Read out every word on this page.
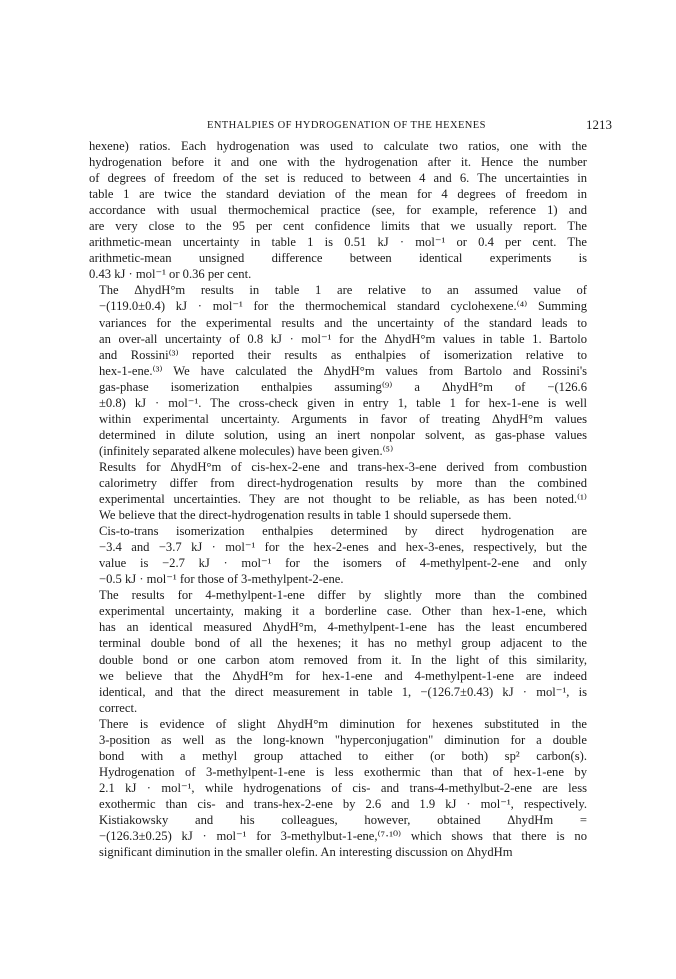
ENTHALPIES OF HYDROGENATION OF THE HEXENES	1213
hexene) ratios. Each hydrogenation was used to calculate two ratios, one with the
hydrogenation before it and one with the hydrogenation after it. Hence the number
of degrees of freedom of the set is reduced to between 4 and 6. The uncertainties in
table 1 are twice the standard deviation of the mean for 4 degrees of freedom in
accordance with usual thermochemical practice (see, for example, reference 1) and
are very close to the 95 per cent confidence limits that we usually report. The
arithmetic-mean uncertainty in table 1 is 0.51 kJ · mol⁻¹ or 0.4 per cent. The
arithmetic-mean unsigned difference between identical experiments is
0.43 kJ · mol⁻¹ or 0.36 per cent.
The ΔhydH°m results in table 1 are relative to an assumed value of
−(119.0±0.4) kJ · mol⁻¹ for the thermochemical standard cyclohexene.⁽⁴⁾ Summing
variances for the experimental results and the uncertainty of the standard leads to
an over-all uncertainty of 0.8 kJ · mol⁻¹ for the ΔhydH°m values in table 1. Bartolo
and Rossini⁽³⁾ reported their results as enthalpies of isomerization relative to
hex-1-ene.⁽³⁾ We have calculated the ΔhydH°m values from Bartolo and Rossini's
gas-phase isomerization enthalpies assuming⁽⁹⁾ a ΔhydH°m of −(126.6
±0.8) kJ · mol⁻¹. The cross-check given in entry 1, table 1 for hex-1-ene is well
within experimental uncertainty. Arguments in favor of treating ΔhydH°m values
determined in dilute solution, using an inert nonpolar solvent, as gas-phase values
(infinitely separated alkene molecules) have been given.⁽⁵⁾
Results for ΔhydH°m of cis-hex-2-ene and trans-hex-3-ene derived from combustion
calorimetry differ from direct-hydrogenation results by more than the combined
experimental uncertainties. They are not thought to be reliable, as has been noted.⁽¹⁾
We believe that the direct-hydrogenation results in table 1 should supersede them.
Cis-to-trans isomerization enthalpies determined by direct hydrogenation are
−3.4 and −3.7 kJ · mol⁻¹ for the hex-2-enes and hex-3-enes, respectively, but the
value is −2.7 kJ · mol⁻¹ for the isomers of 4-methylpent-2-ene and only
−0.5 kJ · mol⁻¹ for those of 3-methylpent-2-ene.
The results for 4-methylpent-1-ene differ by slightly more than the combined
experimental uncertainty, making it a borderline case. Other than hex-1-ene, which
has an identical measured ΔhydH°m, 4-methylpent-1-ene has the least encumbered
terminal double bond of all the hexenes; it has no methyl group adjacent to the
double bond or one carbon atom removed from it. In the light of this similarity,
we believe that the ΔhydH°m for hex-1-ene and 4-methylpent-1-ene are indeed
identical, and that the direct measurement in table 1, −(126.7±0.43) kJ · mol⁻¹, is
correct.
There is evidence of slight ΔhydH°m diminution for hexenes substituted in the
3-position as well as the long-known "hyperconjugation" diminution for a double
bond with a methyl group attached to either (or both) sp² carbon(s).
Hydrogenation of 3-methylpent-1-ene is less exothermic than that of hex-1-ene by
2.1 kJ · mol⁻¹, while hydrogenations of cis- and trans-4-methylbut-2-ene are less
exothermic than cis- and trans-hex-2-ene by 2.6 and 1.9 kJ · mol⁻¹, respectively.
Kistiakowsky and his colleagues, however, obtained ΔhydHm =
−(126.3±0.25) kJ · mol⁻¹ for 3-methylbut-1-ene,⁽⁷·¹⁰⁾ which shows that there is no
significant diminution in the smaller olefin. An interesting discussion on ΔhydHm
